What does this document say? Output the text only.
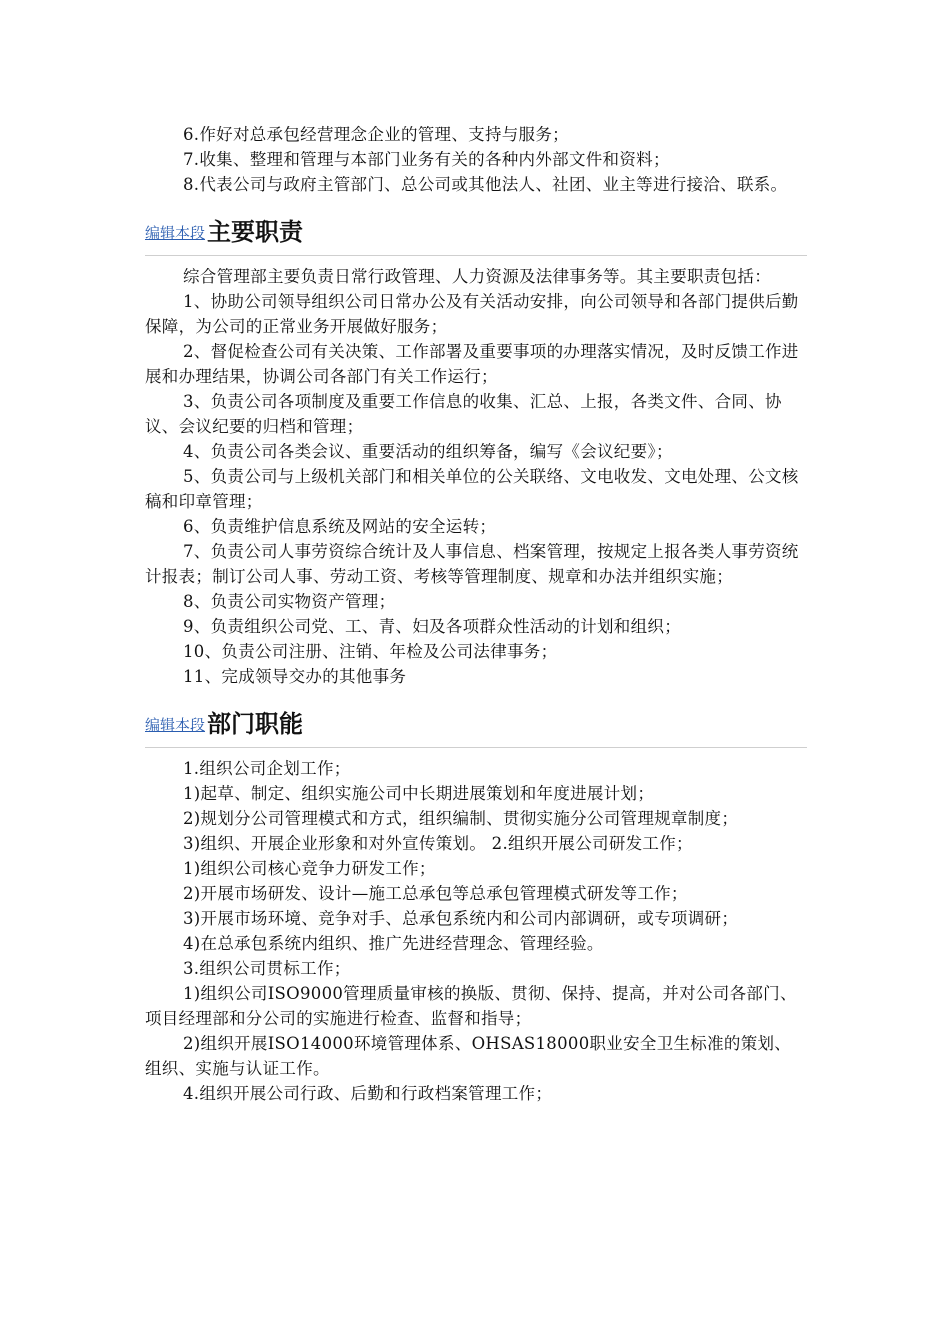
6.作好对总承包经营理念企业的管理、支持与服务；

7.收集、整理和管理与本部门业务有关的各种内外部文件和资料；

8.代表公司与政府主管部门、总公司或其他法人、社团、业主等进行接洽、联系。

编辑本段 主要职责

综合管理部主要负责日常行政管理、人力资源及法律事务等。其主要职责包括：

1、协助公司领导组织公司日常办公及有关活动安排，向公司领导和各部门提供后勤保障，为公司的正常业务开展做好服务；

2、督促检查公司有关决策、工作部署及重要事项的办理落实情况，及时反馈工作进展和办理结果，协调公司各部门有关工作运行；

3、负责公司各项制度及重要工作信息的收集、汇总、上报，各类文件、合同、协议、会议纪要的归档和管理；

4、负责公司各类会议、重要活动的组织筹备，编写《会议纪要》；

5、负责公司与上级机关部门和相关单位的公关联络、文电收发、文电处理、公文核稿和印章管理；

6、负责维护信息系统及网站的安全运转；

7、负责公司人事劳资综合统计及人事信息、档案管理，按规定上报各类人事劳资统计报表；制订公司人事、劳动工资、考核等管理制度、规章和办法并组织实施；

8、负责公司实物资产管理；

9、负责组织公司党、工、青、妇及各项群众性活动的计划和组织；

10、负责公司注册、注销、年检及公司法律事务；

11、完成领导交办的其他事务

编辑本段 部门职能

1.组织公司企划工作；

1)起草、制定、组织实施公司中长期进展策划和年度进展计划；

2)规划分公司管理模式和方式，组织编制、贯彻实施分公司管理规章制度；

3)组织、开展企业形象和对外宣传策划。 2.组织开展公司研发工作；

1)组织公司核心竞争力研发工作；

2)开展市场研发、设计—施工总承包等总承包管理模式研发等工作；

3)开展市场环境、竞争对手、总承包系统内和公司内部调研，或专项调研；

4)在总承包系统内组织、推广先进经营理念、管理经验。

3.组织公司贯标工作；

1)组织公司ISO9000管理质量审核的换版、贯彻、保持、提高，并对公司各部门、项目经理部和分公司的实施进行检查、监督和指导；

2)组织开展ISO14000环境管理体系、OHSAS18000职业安全卫生标准的策划、组织、实施与认证工作。

4.组织开展公司行政、后勤和行政档案管理工作；
